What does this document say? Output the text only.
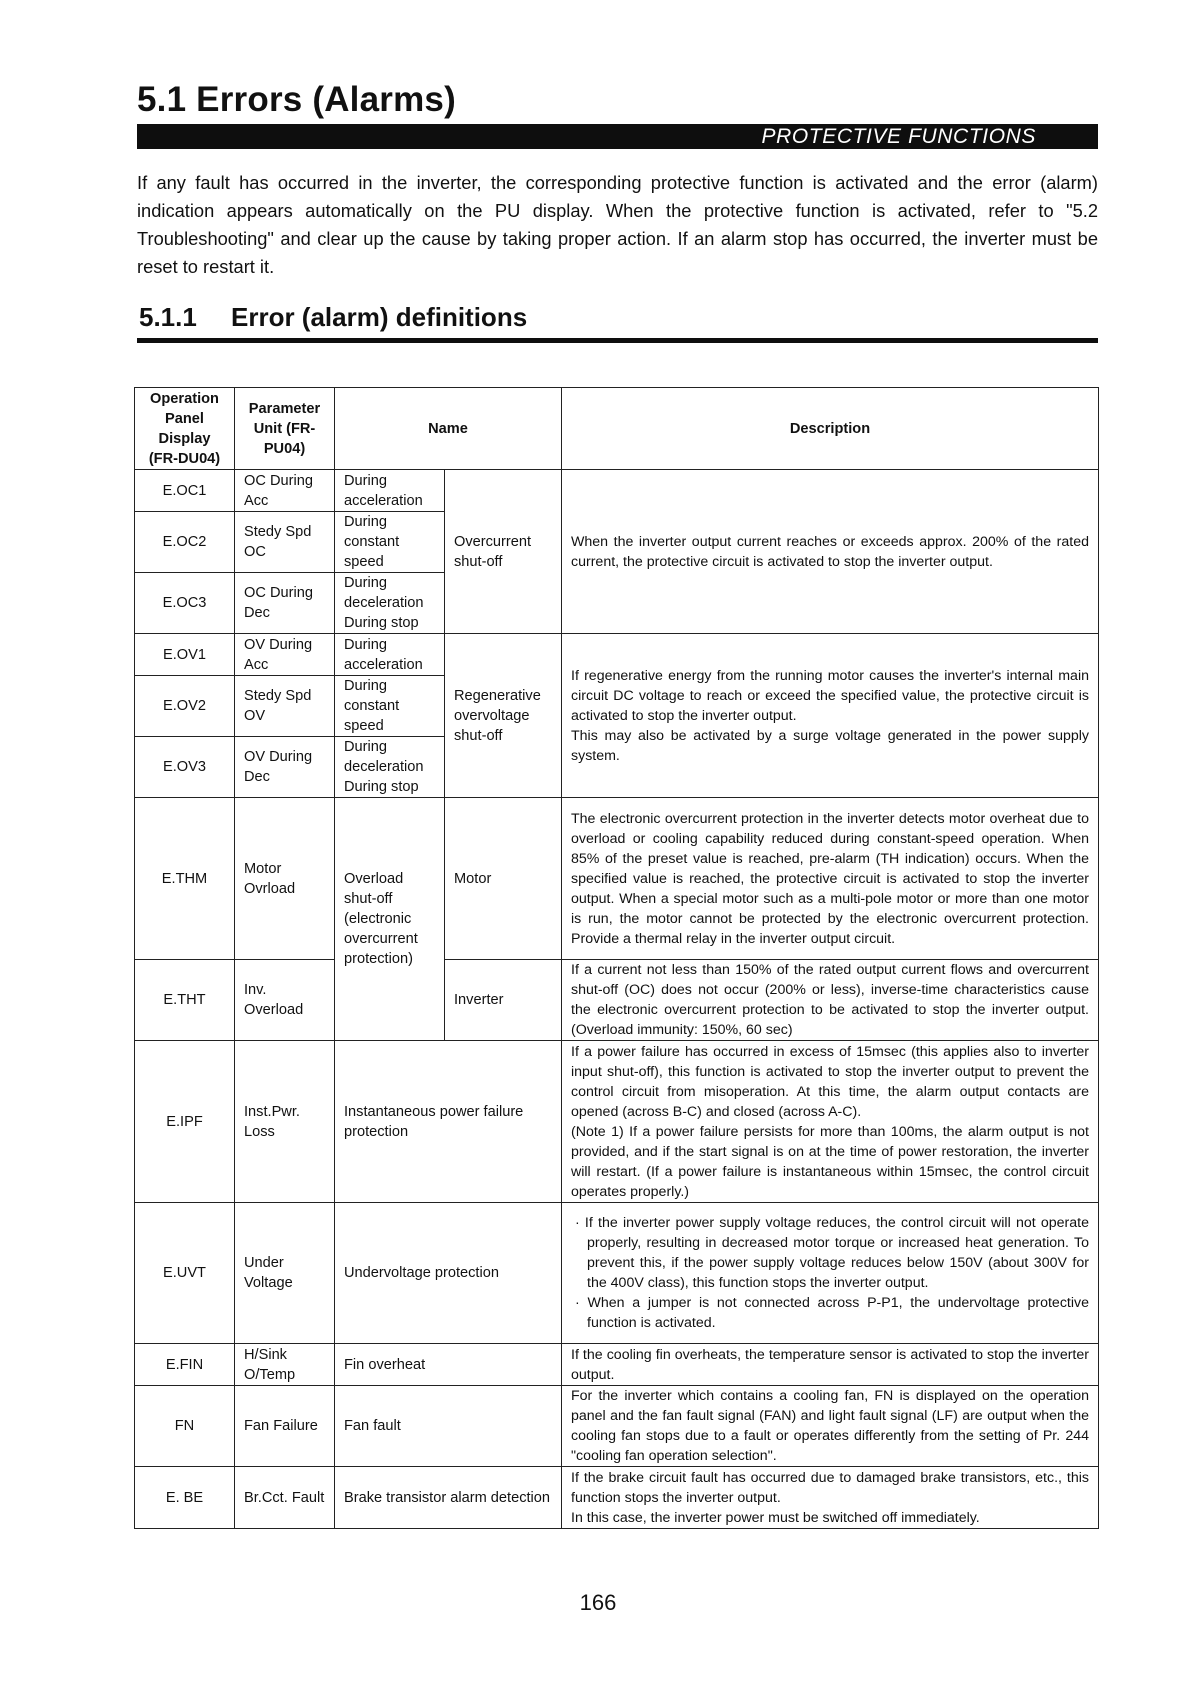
5.1 Errors (Alarms)
PROTECTIVE FUNCTIONS
If any fault has occurred in the inverter, the corresponding protective function is activated and the error (alarm) indication appears automatically on the PU display. When the protective function is activated, refer to "5.2 Troubleshooting" and clear up the cause by taking proper action. If an alarm stop has occurred, the inverter must be reset to restart it.
5.1.1 Error (alarm) definitions
Operation Panel Display (FR-DU04)	Parameter Unit (FR-PU04)	Name		Description
E.OC1	OC During Acc	During acceleration	Overcurrent shut-off	When the inverter output current reaches or exceeds approx. 200% of the rated current, the protective circuit is activated to stop the inverter output.
E.OC2	Stedy Spd OC	During constant speed		
E.OC3	OC During Dec	During deceleration During stop		
E.OV1	OV During Acc	During acceleration	Regenerative overvoltage shut-off	If regenerative energy from the running motor causes the inverter's internal main circuit DC voltage to reach or exceed the specified value, the protective circuit is activated to stop the inverter output.
This may also be activated by a surge voltage generated in the power supply system.
E.OV2	Stedy Spd OV	During constant speed		
E.OV3	OV During Dec	During deceleration During stop		
E.THM	Motor Ovrload	Overload shut-off (electronic overcurrent protection)	Motor	The electronic overcurrent protection in the inverter detects motor overheat due to overload or cooling capability reduced during constant-speed operation. When 85% of the preset value is reached, pre-alarm (TH indication) occurs. When the specified value is reached, the protective circuit is activated to stop the inverter output. When a special motor such as a multi-pole motor or more than one motor is run, the motor cannot be protected by the electronic overcurrent protection. Provide a thermal relay in the inverter output circuit.
E.THT	Inv. Overload		Inverter	If a current not less than 150% of the rated output current flows and overcurrent shut-off (OC) does not occur (200% or less), inverse-time characteristics cause the electronic overcurrent protection to be activated to stop the inverter output. (Overload immunity: 150%, 60 sec)
E.IPF	Inst.Pwr. Loss	Instantaneous power failure protection		If a power failure has occurred in excess of 15msec (this applies also to inverter input shut-off), this function is activated to stop the inverter output to prevent the control circuit from misoperation. At this time, the alarm output contacts are opened (across B-C) and closed (across A-C).
(Note 1) If a power failure persists for more than 100ms, the alarm output is not provided, and if the start signal is on at the time of power restoration, the inverter will restart. (If a power failure is instantaneous within 15msec, the control circuit operates properly.)
E.UVT	Under Voltage	Undervoltage protection		· If the inverter power supply voltage reduces, the control circuit will not operate properly, resulting in decreased motor torque or increased heat generation. To prevent this, if the power supply voltage reduces below 150V (about 300V for the 400V class), this function stops the inverter output.
· When a jumper is not connected across P-P1, the undervoltage protective function is activated.

E.FIN	H/Sink O/Temp	Fin overheat		If the cooling fin overheats, the temperature sensor is activated to stop the inverter output.
FN	Fan Failure	Fan fault		For the inverter which contains a cooling fan, FN is displayed on the operation panel and the fan fault signal (FAN) and light fault signal (LF) are output when the cooling fan stops due to a fault or operates differently from the setting of Pr. 244 "cooling fan operation selection".
E. BE	Br.Cct. Fault	Brake transistor alarm detection		If the brake circuit fault has occurred due to damaged brake transistors, etc., this function stops the inverter output.
In this case, the inverter power must be switched off immediately.
166
